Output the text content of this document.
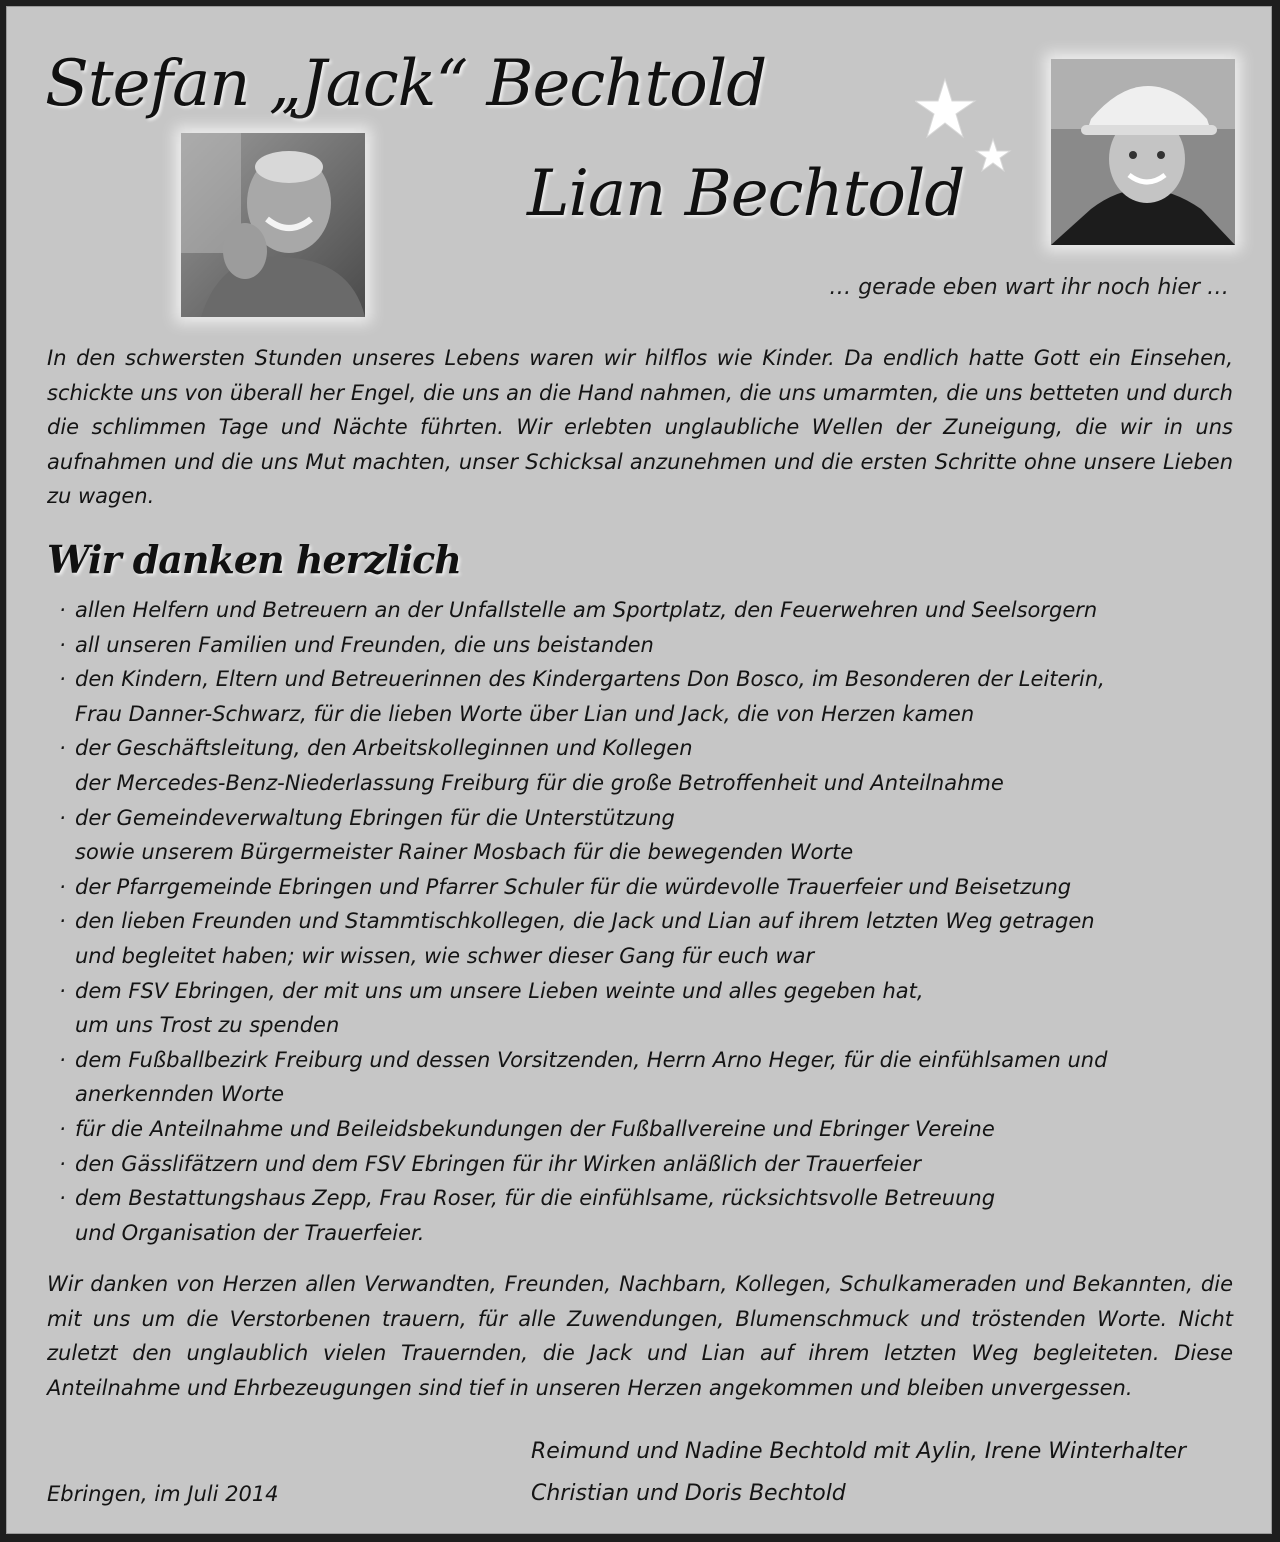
Stefan „Jack“ Bechtold
Lian Bechtold
… gerade eben wart ihr noch hier …

In den schwersten Stunden unseres Lebens waren wir hilflos wie Kinder. Da endlich hatte Gott ein Einsehen, schickte uns von überall her Engel, die uns an die Hand nahmen, die uns umarmten, die uns betteten und durch die schlimmen Tage und Nächte führten. Wir erlebten unglaubliche Wellen der Zuneigung, die wir in uns aufnahmen und die uns Mut machten, unser Schicksal anzunehmen und die ersten Schritte ohne unsere Lieben zu wagen.

Wir danken herzlich
· allen Helfern und Betreuern an der Unfallstelle am Sportplatz, den Feuerwehren und Seelsorgern
· all unseren Familien und Freunden, die uns beistanden
· den Kindern, Eltern und Betreuerinnen des Kindergartens Don Bosco, im Besonderen der Leiterin,
Frau Danner-Schwarz, für die lieben Worte über Lian und Jack, die von Herzen kamen
· der Geschäftsleitung, den Arbeitskolleginnen und Kollegen
der Mercedes-Benz-Niederlassung Freiburg für die große Betroffenheit und Anteilnahme
· der Gemeindeverwaltung Ebringen für die Unterstützung
sowie unserem Bürgermeister Rainer Mosbach für die bewegenden Worte
· der Pfarrgemeinde Ebringen und Pfarrer Schuler für die würdevolle Trauerfeier und Beisetzung
· den lieben Freunden und Stammtischkollegen, die Jack und Lian auf ihrem letzten Weg getragen
und begleitet haben; wir wissen, wie schwer dieser Gang für euch war
· dem FSV Ebringen, der mit uns um unsere Lieben weinte und alles gegeben hat,
um uns Trost zu spenden
· dem Fußballbezirk Freiburg und dessen Vorsitzenden, Herrn Arno Heger, für die einfühlsamen und
anerkennden Worte
· für die Anteilnahme und Beileidsbekundungen der Fußballvereine und Ebringer Vereine
· den Gässlifätzern und dem FSV Ebringen für ihr Wirken anläßlich der Trauerfeier
· dem Bestattungshaus Zepp, Frau Roser, für die einfühlsame, rücksichtsvolle Betreuung
und Organisation der Trauerfeier.

Wir danken von Herzen allen Verwandten, Freunden, Nachbarn, Kollegen, Schulkameraden und Bekannten, die mit uns um die Verstorbenen trauern, für alle Zuwendungen, Blumenschmuck und tröstenden Worte. Nicht zuletzt den unglaublich vielen Trauernden, die Jack und Lian auf ihrem letzten Weg begleiteten. Diese Anteilnahme und Ehrbezeugungen sind tief in unseren Herzen angekommen und bleiben unvergessen.

Reimund und Nadine Bechtold mit Aylin, Irene Winterhalter
Christian und Doris Bechtold
Ebringen, im Juli 2014
